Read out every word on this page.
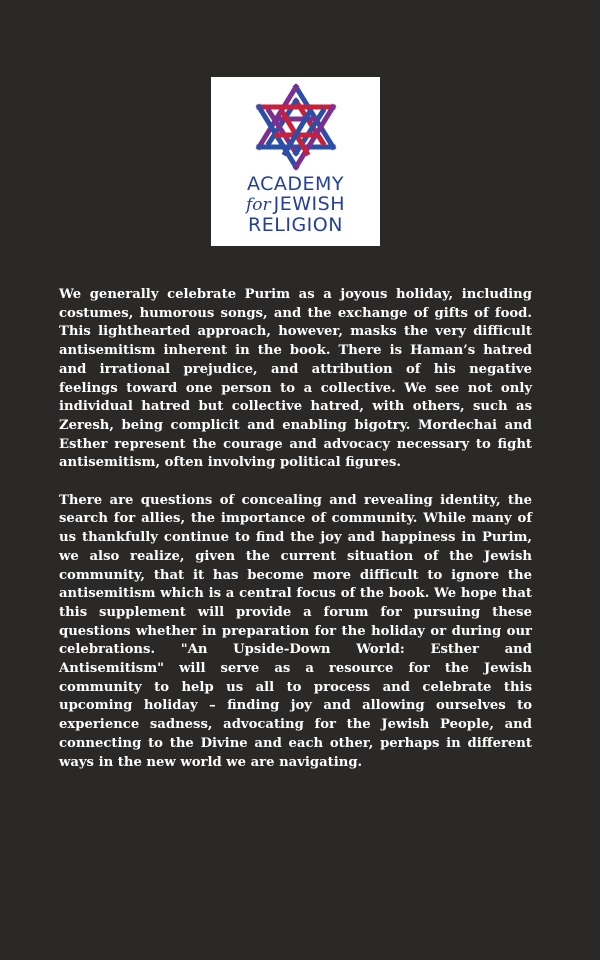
ACADEMY
for JEWISH
RELIGION

We generally celebrate Purim as a joyous holiday, including costumes, humorous songs, and the exchange of gifts of food. This lighthearted approach, however, masks the very difficult antisemitism inherent in the book. There is Haman’s hatred and irrational prejudice, and attribution of his negative feelings toward one person to a collective. We see not only individual hatred but collective hatred, with others, such as Zeresh, being complicit and enabling bigotry. Mordechai and Esther represent the courage and advocacy necessary to fight antisemitism, often involving political figures.

There are questions of concealing and revealing identity, the search for allies, the importance of community. While many of us thankfully continue to find the joy and happiness in Purim, we also realize, given the current situation of the Jewish community, that it has become more difficult to ignore the antisemitism which is a central focus of the book. We hope that this supplement will provide a forum for pursuing these questions whether in preparation for the holiday or during our celebrations. "An Upside-Down World: Esther and Antisemitism" will serve as a resource for the Jewish community to help us all to process and celebrate this upcoming holiday – finding joy and allowing ourselves to experience sadness, advocating for the Jewish People, and connecting to the Divine and each other, perhaps in different ways in the new world we are navigating.
